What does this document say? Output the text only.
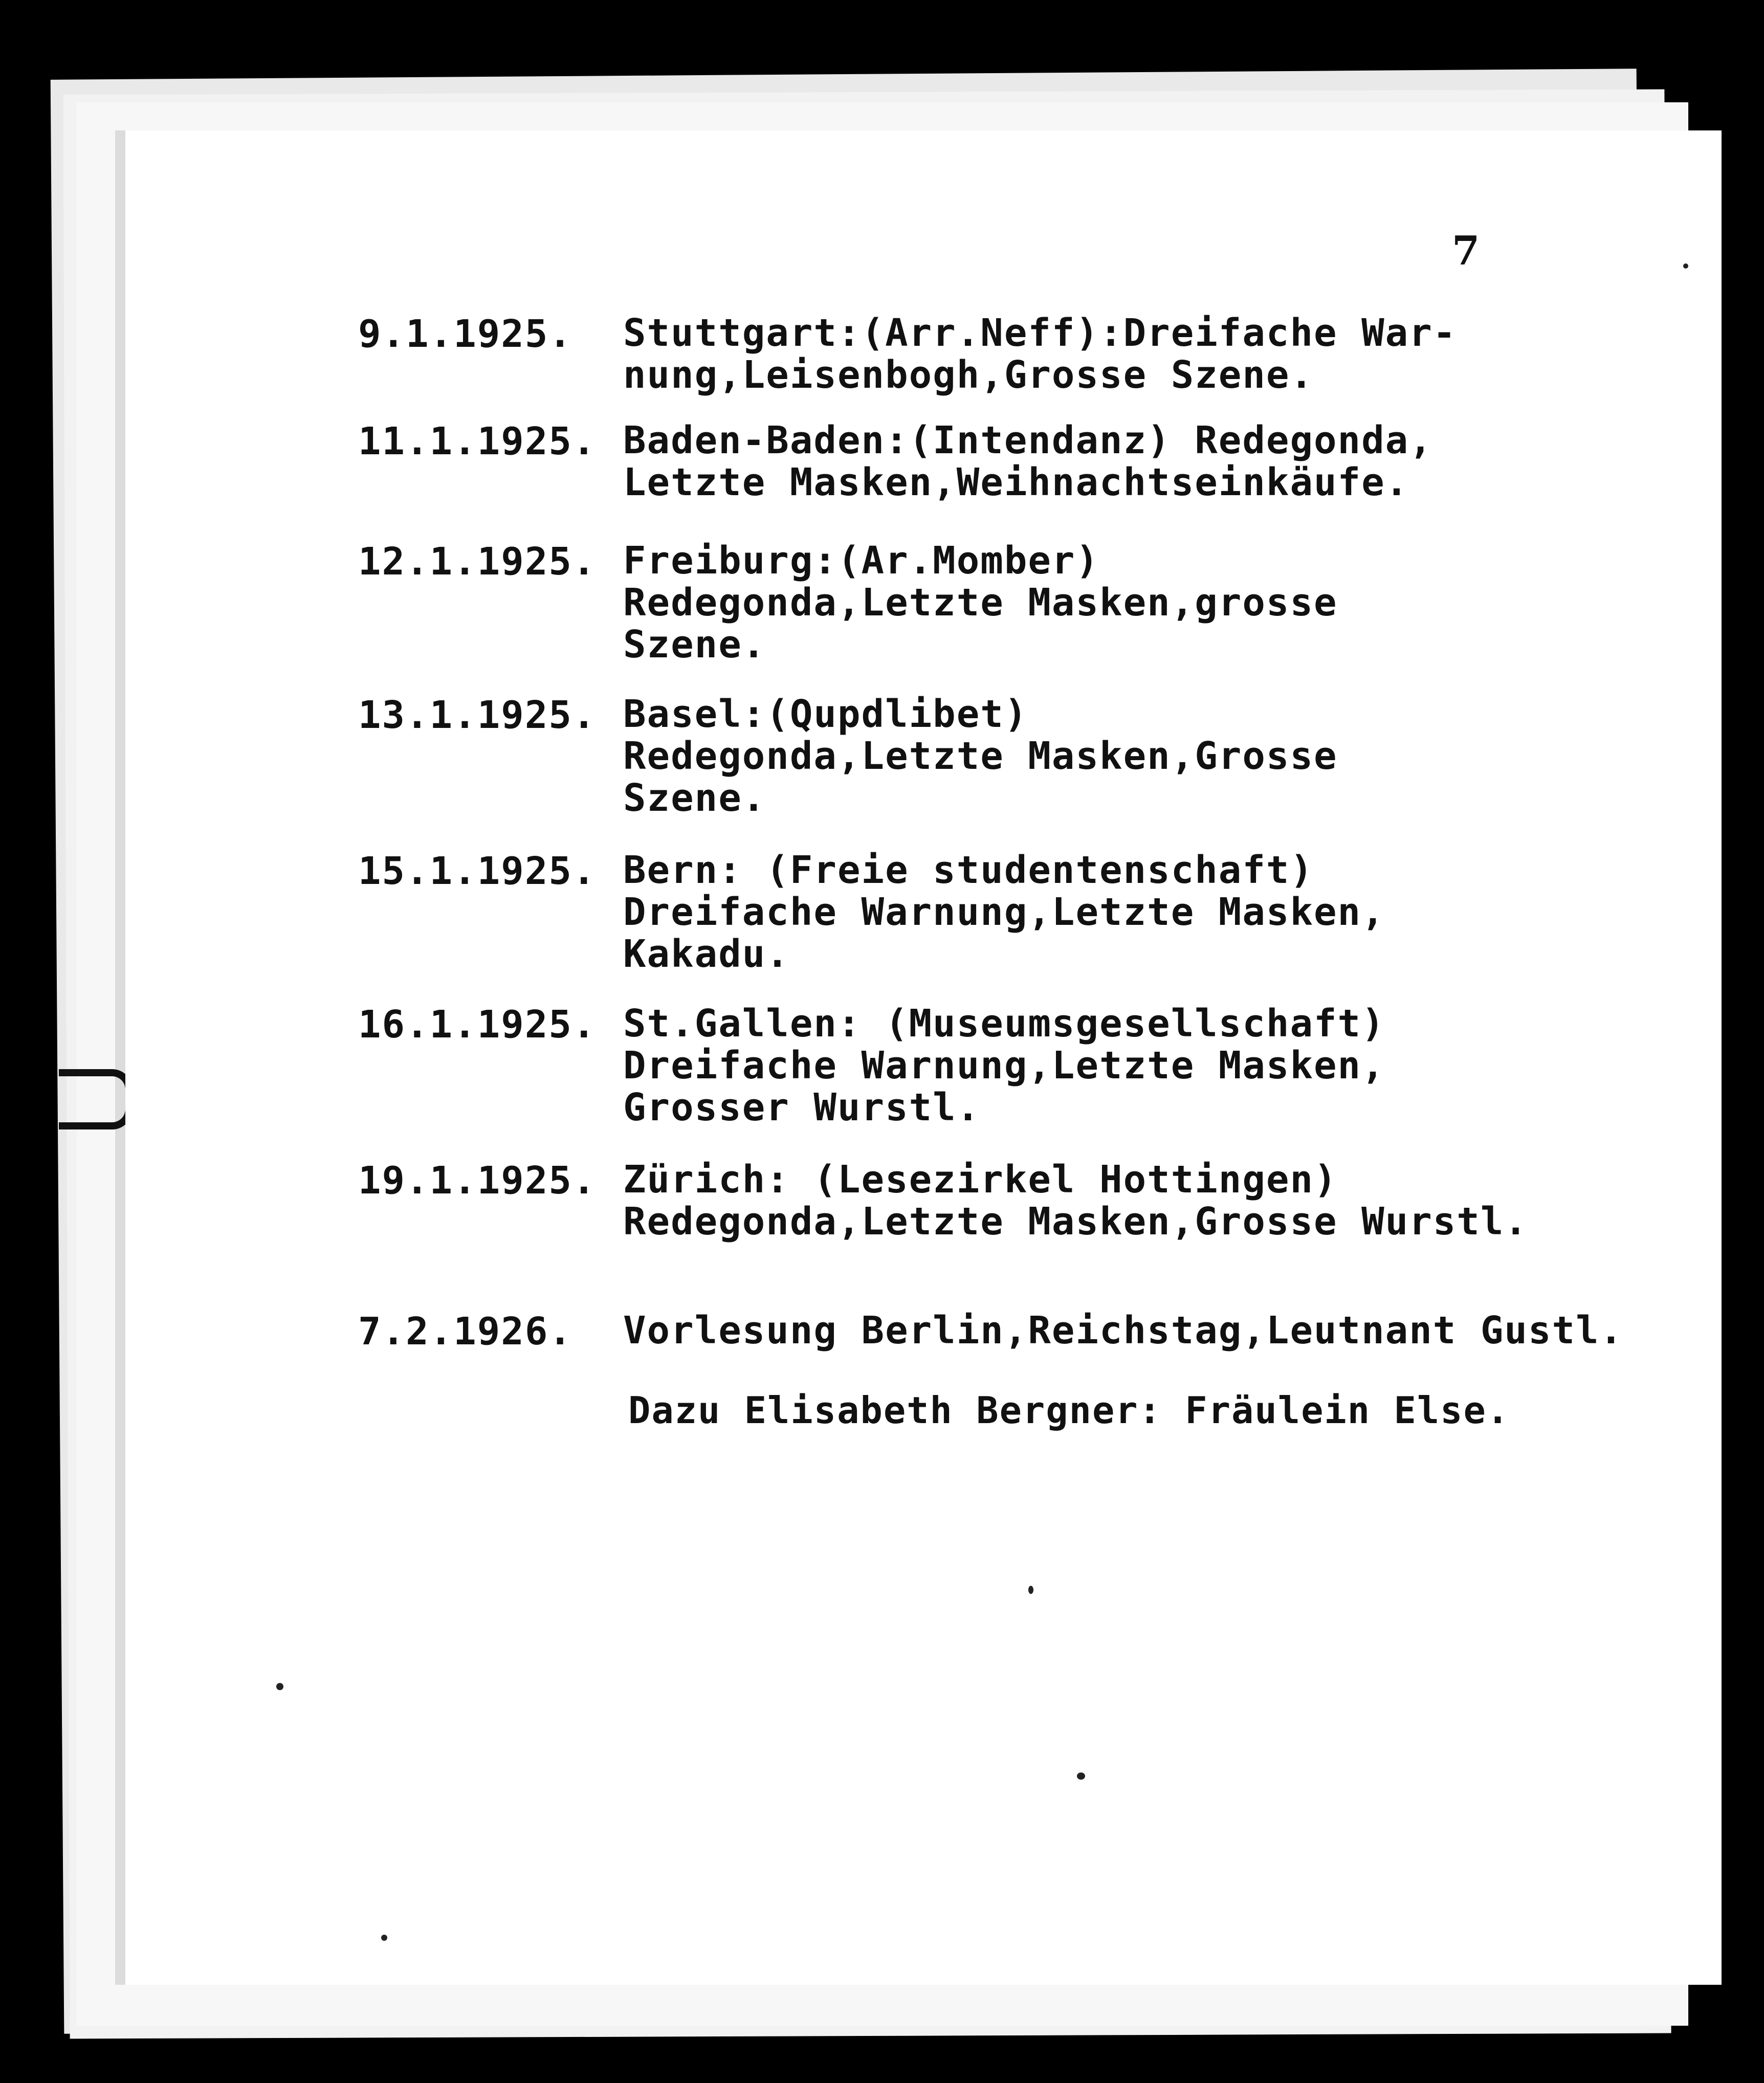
7
9.1.1925. Stuttgart:(Arr.Neff):Dreifache War-
nung,Leisenbogh,Grosse Szene.
11.1.1925. Baden-Baden:(Intendanz) Redegonda,
Letzte Masken,Weihnachtseinkäufe.
12.1.1925. Freiburg:(Ar.Momber)
Redegonda,Letzte Masken,grosse
Szene.
13.1.1925. Basel:(Qupdlibet)
Redegonda,Letzte Masken,Grosse
Szene.
15.1.1925. Bern: (Freie studentenschaft)
Dreifache Warnung,Letzte Masken,
Kakadu.
16.1.1925. St.Gallen: (Museumsgesellschaft)
Dreifache Warnung,Letzte Masken,
Grosser Wurstl.
19.1.1925. Zürich: (Lesezirkel Hottingen)
Redegonda,Letzte Masken,Grosse Wurstl.
7.2.1926. Vorlesung Berlin,Reichstag,Leutnant Gustl.
Dazu Elisabeth Bergner: Fräulein Else.
